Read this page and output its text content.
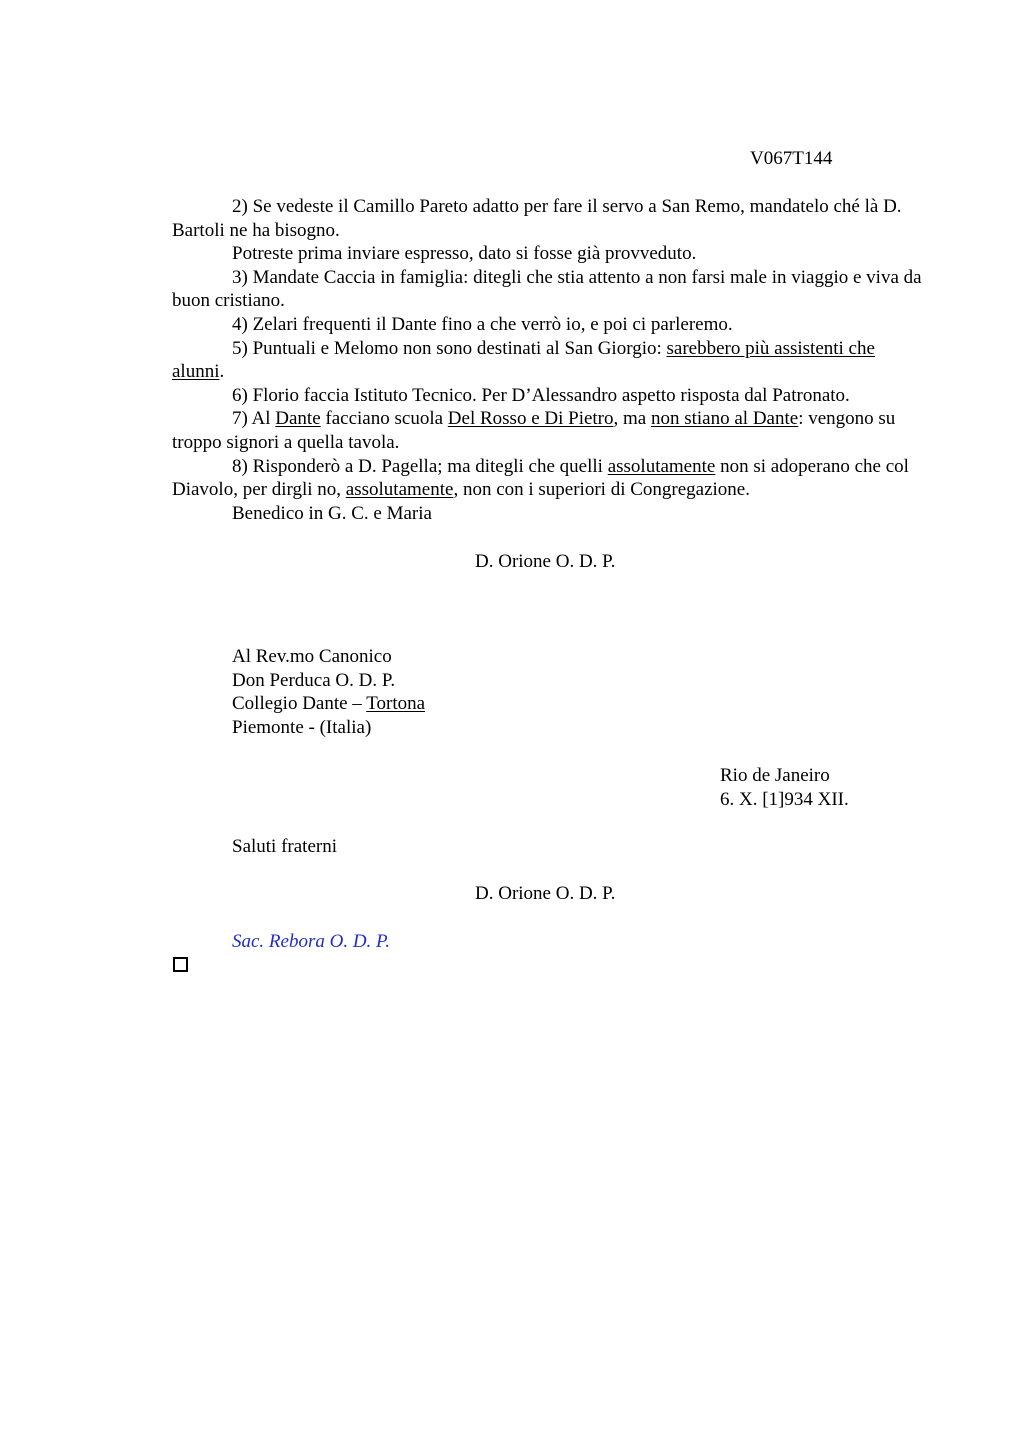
V067T144

2) Se vedeste il Camillo Pareto adatto per fare il servo a San Remo, mandatelo ché là D. Bartoli ne ha bisogno.

Potreste prima inviare espresso, dato si fosse già provveduto.

3) Mandate Caccia in famiglia: ditegli che stia attento a non farsi male in viaggio e viva da buon cristiano.

4) Zelari frequenti il Dante fino a che verrò io, e poi ci parleremo.

5) Puntuali e Melomo non sono destinati al San Giorgio: sarebbero più assistenti che alunni.

6) Florio faccia Istituto Tecnico. Per D’Alessandro aspetto risposta dal Patronato.

7) Al Dante facciano scuola Del Rosso e Di Pietro, ma non stiano al Dante: vengono su troppo signori a quella tavola.

8) Risponderò a D. Pagella; ma ditegli che quelli assolutamente non si adoperano che col Diavolo, per dirgli no, assolutamente, non con i superiori di Congregazione.

Benedico in G. C. e Maria

D. Orione O. D. P.
Al Rev.mo Canonico
Don Perduca O. D. P.
Collegio Dante – Tortona
Piemonte - (Italia)
Rio de Janeiro
6. X. [1]934 XII.
Saluti fraterni
D. Orione O. D. P.
Sac. Rebora O. D. P.
